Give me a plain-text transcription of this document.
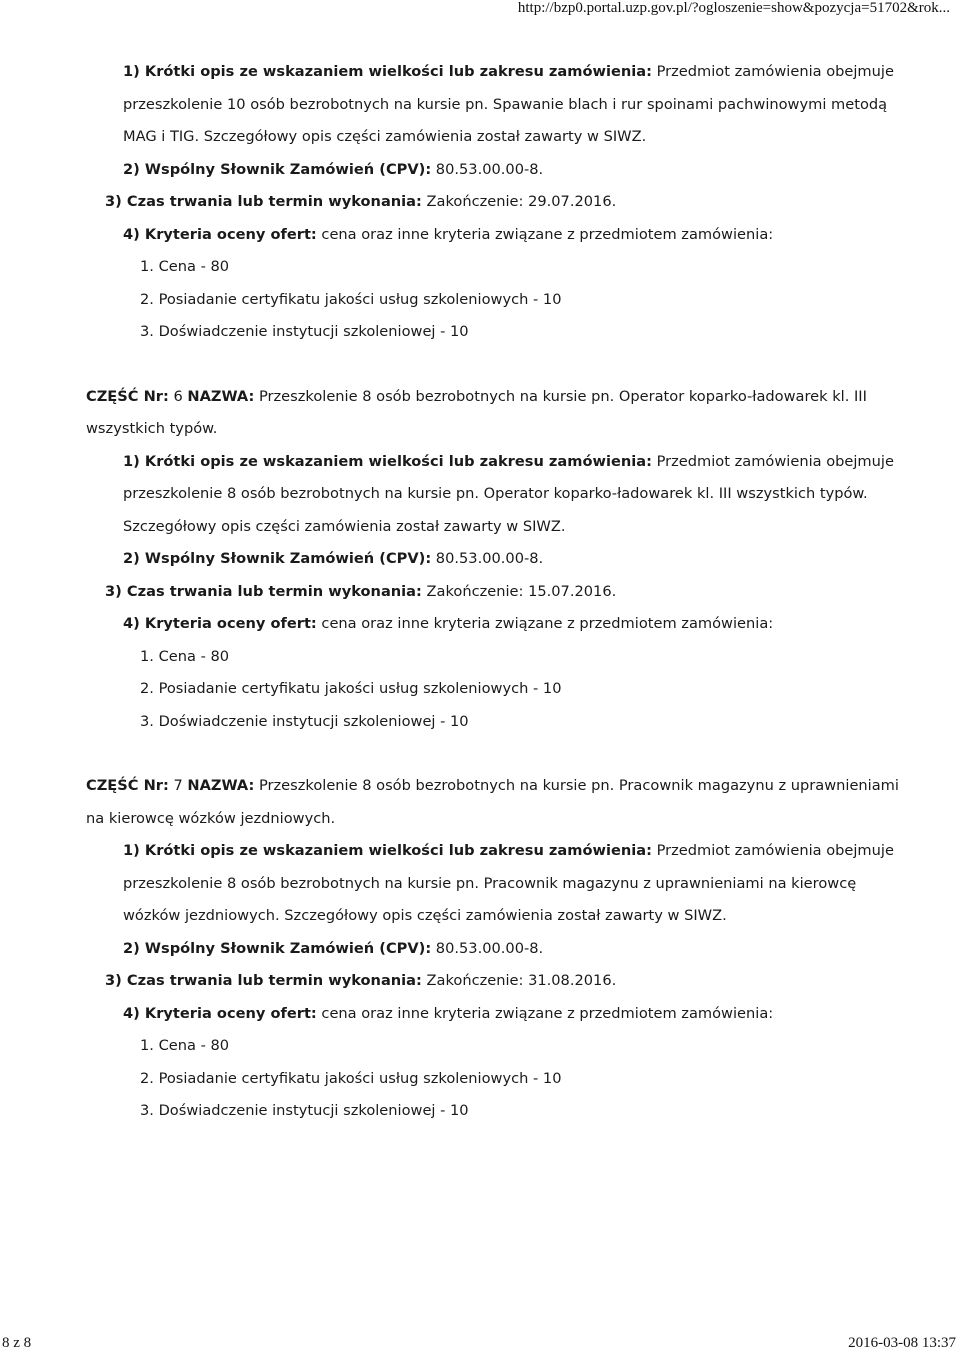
http://bzp0.portal.uzp.gov.pl/?ogloszenie=show&pozycja=51702&rok...
1) Krótki opis ze wskazaniem wielkości lub zakresu zamówienia: Przedmiot zamówienia obejmuje
przeszkolenie 10 osób bezrobotnych na kursie pn. Spawanie blach i rur spoinami pachwinowymi metodą
MAG i TIG. Szczegółowy opis części zamówienia został zawarty w SIWZ.
2) Wspólny Słownik Zamówień (CPV): 80.53.00.00-8.
3) Czas trwania lub termin wykonania: Zakończenie: 29.07.2016.
4) Kryteria oceny ofert: cena oraz inne kryteria związane z przedmiotem zamówienia:
1. Cena - 80
2. Posiadanie certyfikatu jakości usług szkoleniowych - 10
3. Doświadczenie instytucji szkoleniowej - 10
CZĘŚĆ Nr: 6 NAZWA: Przeszkolenie 8 osób bezrobotnych na kursie pn. Operator koparko-ładowarek kl. III
wszystkich typów.
1) Krótki opis ze wskazaniem wielkości lub zakresu zamówienia: Przedmiot zamówienia obejmuje
przeszkolenie 8 osób bezrobotnych na kursie pn. Operator koparko-ładowarek kl. III wszystkich typów.
Szczegółowy opis części zamówienia został zawarty w SIWZ.
2) Wspólny Słownik Zamówień (CPV): 80.53.00.00-8.
3) Czas trwania lub termin wykonania: Zakończenie: 15.07.2016.
4) Kryteria oceny ofert: cena oraz inne kryteria związane z przedmiotem zamówienia:
1. Cena - 80
2. Posiadanie certyfikatu jakości usług szkoleniowych - 10
3. Doświadczenie instytucji szkoleniowej - 10
CZĘŚĆ Nr: 7 NAZWA: Przeszkolenie 8 osób bezrobotnych na kursie pn. Pracownik magazynu z uprawnieniami
na kierowcę wózków jezdniowych.
1) Krótki opis ze wskazaniem wielkości lub zakresu zamówienia: Przedmiot zamówienia obejmuje
przeszkolenie 8 osób bezrobotnych na kursie pn. Pracownik magazynu z uprawnieniami na kierowcę
wózków jezdniowych. Szczegółowy opis części zamówienia został zawarty w SIWZ.
2) Wspólny Słownik Zamówień (CPV): 80.53.00.00-8.
3) Czas trwania lub termin wykonania: Zakończenie: 31.08.2016.
4) Kryteria oceny ofert: cena oraz inne kryteria związane z przedmiotem zamówienia:
1. Cena - 80
2. Posiadanie certyfikatu jakości usług szkoleniowych - 10
3. Doświadczenie instytucji szkoleniowej - 10
8 z 8	2016-03-08 13:37
